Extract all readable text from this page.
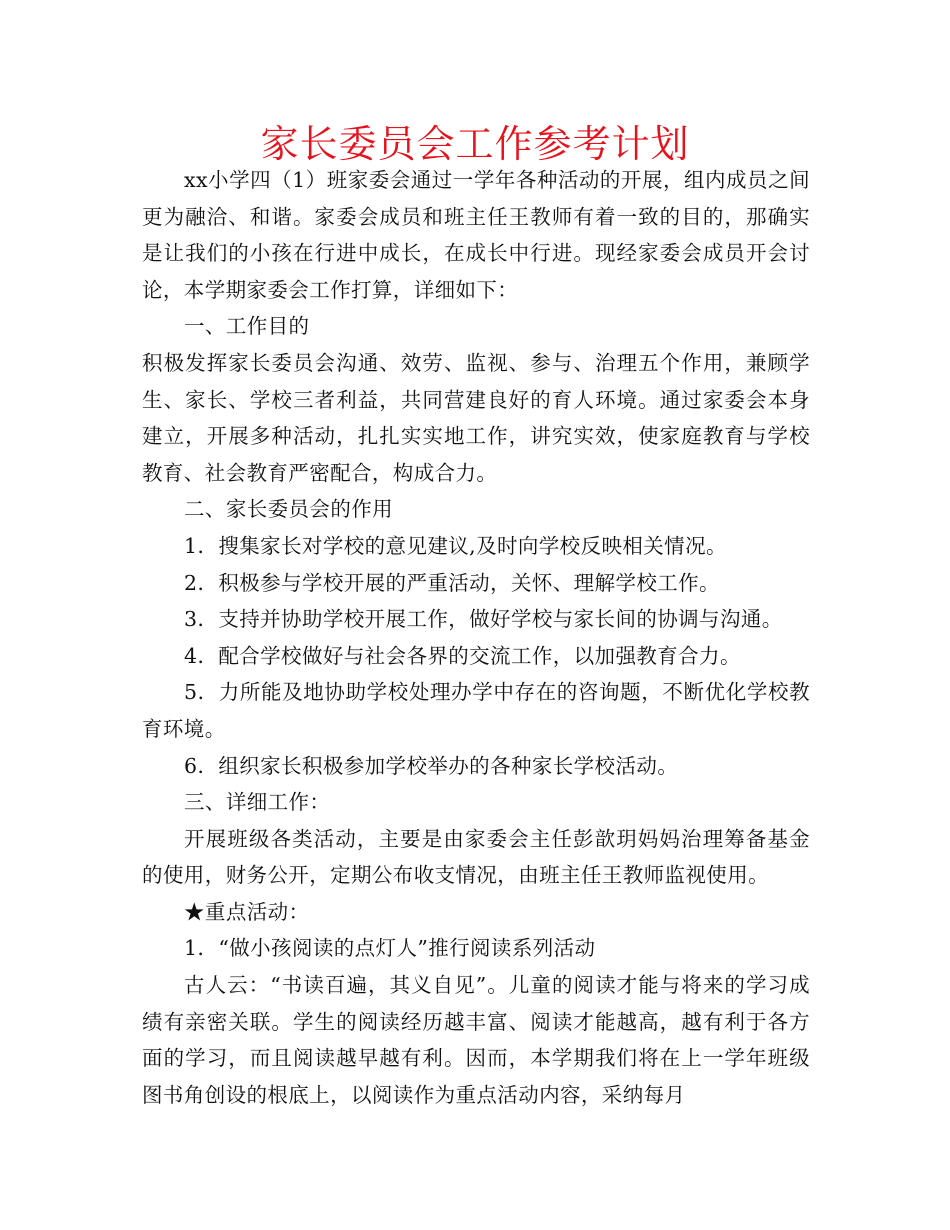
家长委员会工作参考计划

xx小学四（1）班家委会通过一学年各种活动的开展，组内成员之间更为融洽、和谐。家委会成员和班主任王教师有着一致的目的，那确实是让我们的小孩在行进中成长，在成长中行进。现经家委会成员开会讨论，本学期家委会工作打算，详细如下：

一、工作目的

积极发挥家长委员会沟通、效劳、监视、参与、治理五个作用，兼顾学生、家长、学校三者利益，共同营建良好的育人环境。通过家委会本身建立，开展多种活动，扎扎实实地工作，讲究实效，使家庭教育与学校教育、社会教育严密配合，构成合力。

二、家长委员会的作用

1．搜集家长对学校的意见建议,及时向学校反映相关情况。

2．积极参与学校开展的严重活动，关怀、理解学校工作。

3．支持并协助学校开展工作，做好学校与家长间的协调与沟通。

4．配合学校做好与社会各界的交流工作，以加强教育合力。

5．力所能及地协助学校处理办学中存在的咨询题，不断优化学校教育环境。

6．组织家长积极参加学校举办的各种家长学校活动。

三、详细工作：

开展班级各类活动，主要是由家委会主任彭歆玥妈妈治理筹备基金的使用，财务公开，定期公布收支情况，由班主任王教师监视使用。

★重点活动：

1．“做小孩阅读的点灯人”推行阅读系列活动

古人云：“书读百遍，其义自见”。儿童的阅读才能与将来的学习成绩有亲密关联。学生的阅读经历越丰富、阅读才能越高，越有利于各方面的学习，而且阅读越早越有利。因而，本学期我们将在上一学年班级图书角创设的根底上，以阅读作为重点活动内容，采纳每月
